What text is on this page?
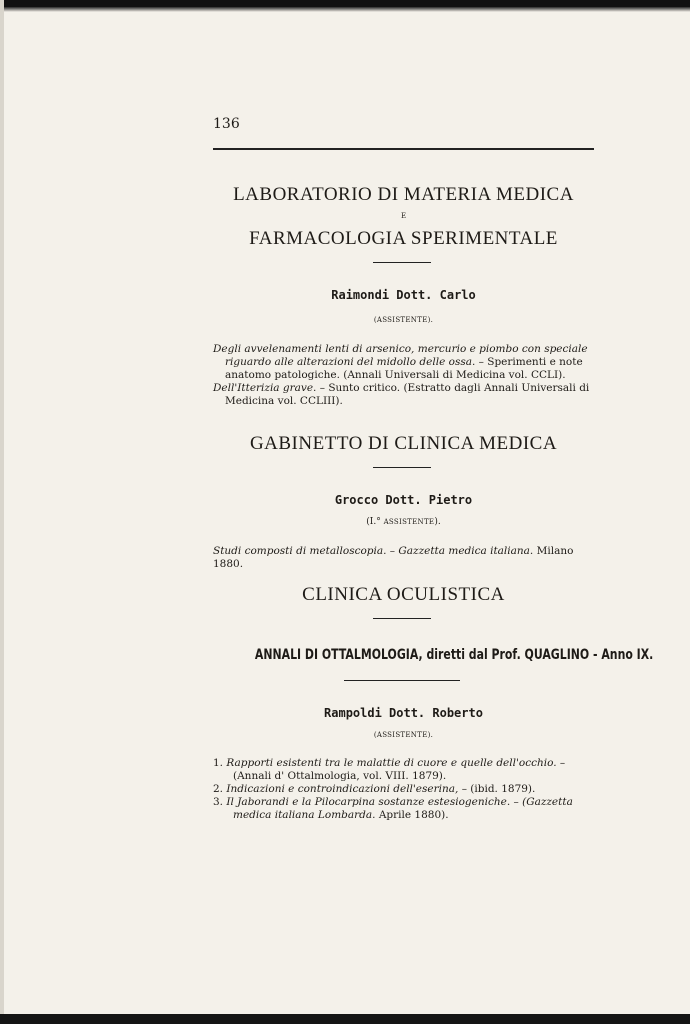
136
LABORATORIO DI MATERIA MEDICA
E
FARMACOLOGIA SPERIMENTALE
Raimondi Dott. Carlo
(ASSISTENTE).

Degli avvelenamenti lenti di arsenico, mercurio e piombo con speciale riguardo alle alterazioni del midollo delle ossa. – Sperimenti e note anatomo patologiche. (Annali Universali di Medicina vol. CCLI).

Dell'Itterizia grave. – Sunto critico. (Estratto dagli Annali Universali di Medicina vol. CCLIII).

GABINETTO DI CLINICA MEDICA
Grocco Dott. Pietro
(I.° ASSISTENTE).
Studi composti di metalloscopia. – Gazzetta medica italiana. Milano 1880.
CLINICA OCULISTICA
ANNALI DI OTTALMOLOGIA, diretti dal Prof. QUAGLINO - Anno IX.
Rampoldi Dott. Roberto
(ASSISTENTE).

1. Rapporti esistenti tra le malattie di cuore e quelle dell'occhio. – (Annali d' Ottalmologia, vol. VIII. 1879).

2. Indicazioni e controindicazioni dell'eserina, – (ibid. 1879).

3. Il Jaborandi e la Pilocarpina sostanze estesiogeniche. – (Gazzetta medica italiana Lombarda. Aprile 1880).
